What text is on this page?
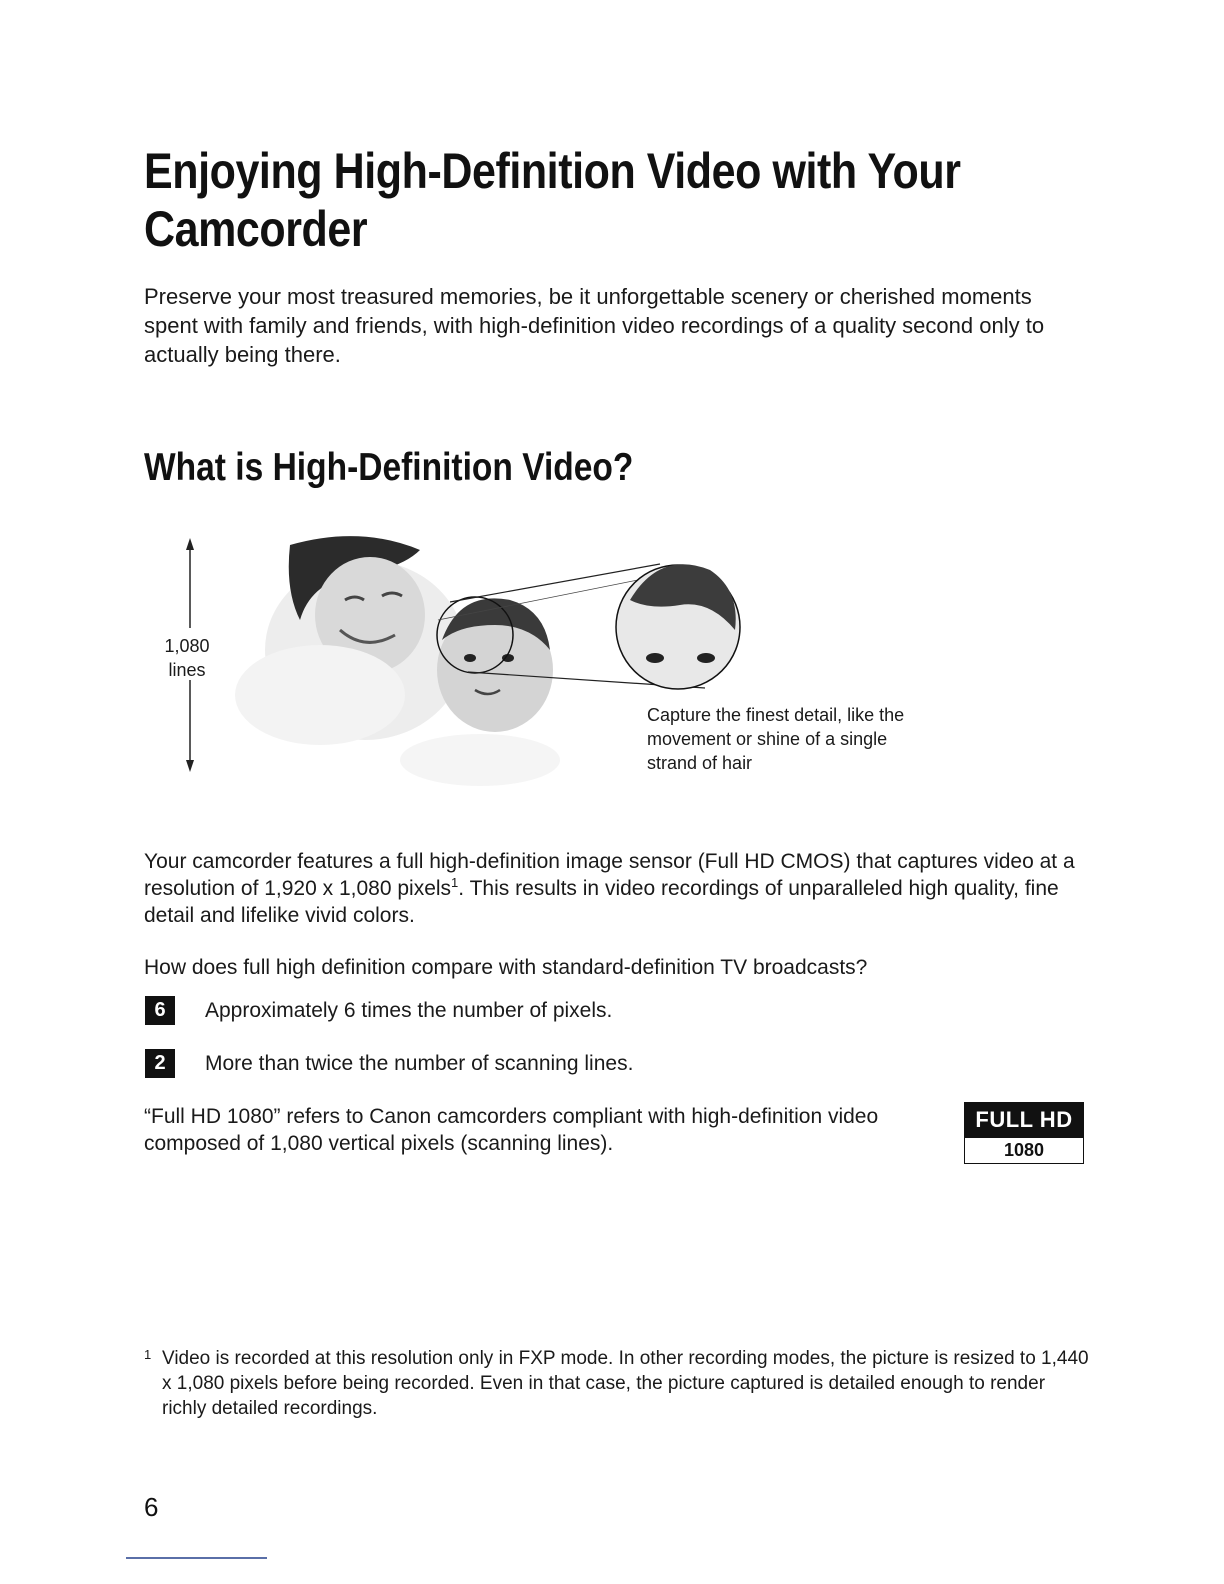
Enjoying High-Definition Video with Your Camcorder

Preserve your most treasured memories, be it unforgettable scenery or cherished moments spent with family and friends, with high-definition video recordings of a quality second only to actually being there.

What is High-Definition Video?
1,080
lines

Capture the finest detail, like the movement or shine of a single strand of hair

Your camcorder features a full high-definition image sensor (Full HD CMOS) that captures video at a resolution of 1,920 x 1,080 pixels$^1$. This results in video recordings of unparalleled high quality, fine detail and lifelike vivid colors.

How does full high definition compare with standard-definition TV broadcasts?

6	Approximately 6 times the number of pixels.
2	More than twice the number of scanning lines.

“Full HD 1080” refers to Canon camcorders compliant with high-definition video composed of 1,080 vertical pixels (scanning lines).

FULL HD
1080
1 Video is recorded at this resolution only in FXP mode. In other recording modes, the picture is resized to 1,440 x 1,080 pixels before being recorded. Even in that case, the picture captured is detailed enough to render richly detailed recordings.
6
